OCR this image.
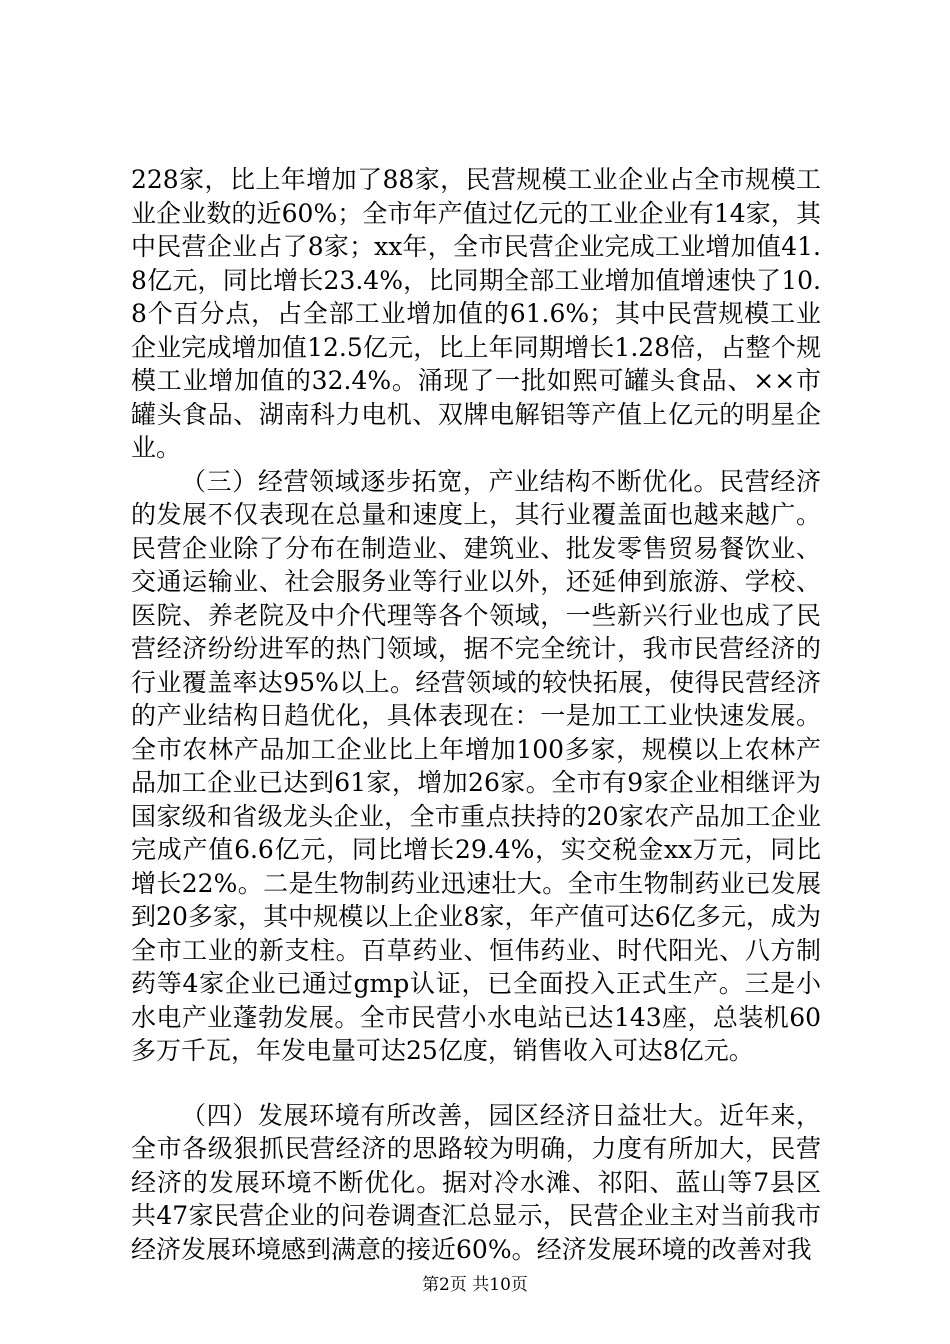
228家，比上年增加了88家，民营规模工业企业占全市规模工业企业数的近60%；全市年产值过亿元的工业企业有14家，其中民营企业占了8家；xx年，全市民营企业完成工业增加值41.8亿元，同比增长23.4%，比同期全部工业增加值增速快了10.8个百分点，占全部工业增加值的61.6%；其中民营规模工业企业完成增加值12.5亿元，比上年同期增长1.28倍，占整个规模工业增加值的32.4%。涌现了一批如熙可罐头食品、××市罐头食品、湖南科力电机、双牌电解铝等产值上亿元的明星企业。

（三）经营领域逐步拓宽，产业结构不断优化。民营经济的发展不仅表现在总量和速度上，其行业覆盖面也越来越广。民营企业除了分布在制造业、建筑业、批发零售贸易餐饮业、交通运输业、社会服务业等行业以外，还延伸到旅游、学校、医院、养老院及中介代理等各个领域，一些新兴行业也成了民营经济纷纷进军的热门领域，据不完全统计，我市民营经济的行业覆盖率达95%以上。经营领域的较快拓展，使得民营经济的产业结构日趋优化，具体表现在：一是加工工业快速发展。全市农林产品加工企业比上年增加100多家，规模以上农林产品加工企业已达到61家，增加26家。全市有9家企业相继评为国家级和省级龙头企业，全市重点扶持的20家农产品加工企业完成产值6.6亿元，同比增长29.4%，实交税金xx万元，同比增长22%。二是生物制药业迅速壮大。全市生物制药业已发展到20多家，其中规模以上企业8家，年产值可达6亿多元，成为全市工业的新支柱。百草药业、恒伟药业、时代阳光、八方制药等4家企业已通过gmp认证，已全面投入正式生产。三是小水电产业蓬勃发展。全市民营小水电站已达143座，总装机60多万千瓦，年发电量可达25亿度，销售收入可达8亿元。

（四）发展环境有所改善，园区经济日益壮大。近年来，全市各级狠抓民营经济的思路较为明确，力度有所加大，民营经济的发展环境不断优化。据对冷水滩、祁阳、蓝山等7县区共47家民营企业的问卷调查汇总显示，民营企业主对当前我市经济发展环境感到满意的接近60%。经济发展环境的改善对我

第2页 共10页
